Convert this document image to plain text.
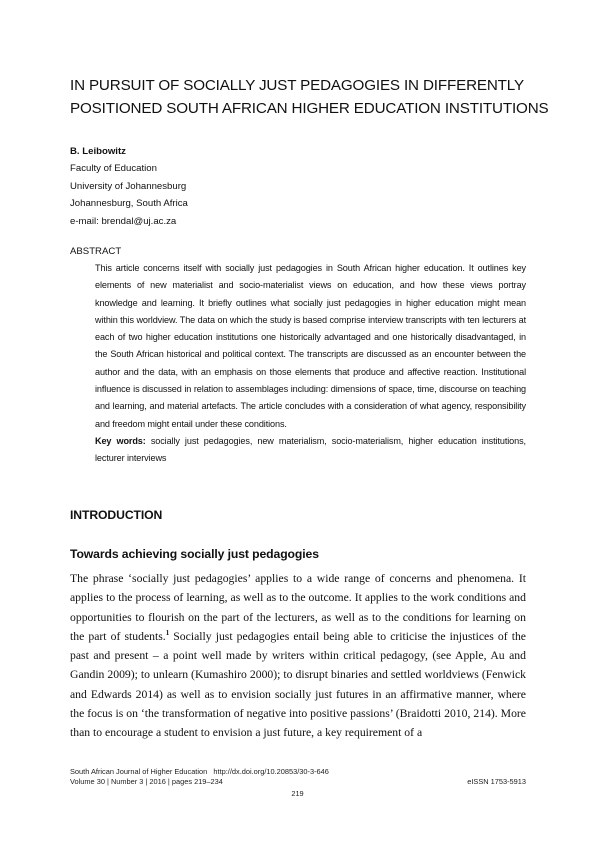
IN PURSUIT OF SOCIALLY JUST PEDAGOGIES IN DIFFERENTLY
POSITIONED SOUTH AFRICAN HIGHER EDUCATION INSTITUTIONS
B. Leibowitz
Faculty of Education
University of Johannesburg
Johannesburg, South Africa
e-mail: brendal@uj.ac.za
ABSTRACT

This article concerns itself with socially just pedagogies in South African higher education. It outlines key elements of new materialist and socio-materialist views on education, and how these views portray knowledge and learning. It briefly outlines what socially just pedagogies in higher education might mean within this worldview. The data on which the study is based comprise interview transcripts with ten lecturers at each of two higher education institutions one historically advantaged and one historically disadvantaged, in the South African historical and political context. The transcripts are discussed as an encounter between the author and the data, with an emphasis on those elements that produce and affective reaction. Institutional influence is discussed in relation to assemblages including: dimensions of space, time, discourse on teaching and learning, and material artefacts. The article concludes with a consideration of what agency, responsibility and freedom might entail under these conditions.

Key words: socially just pedagogies, new materialism, socio-materialism, higher education institutions, lecturer interviews

INTRODUCTION
Towards achieving socially just pedagogies

The phrase ‘socially just pedagogies’ applies to a wide range of concerns and phenomena. It applies to the process of learning, as well as to the outcome. It applies to the work conditions and opportunities to flourish on the part of the lecturers, as well as to the conditions for learning on the part of students.$^1$ Socially just pedagogies entail being able to criticise the injustices of the past and present – a point well made by writers within critical pedagogy, (see Apple, Au and Gandin 2009); to unlearn (Kumashiro 2000); to disrupt binaries and settled worldviews (Fenwick and Edwards 2014) as well as to envision socially just futures in an affirmative manner, where the focus is on ‘the transformation of negative into positive passions’ (Braidotti 2010, 214). More than to encourage a student to envision a just future, a key requirement of a

South African Journal of Higher Education http://dx.doi.org/10.20853/30-3-646
Volume 30 | Number 3 | 2016 | pages 219–234	eISSN 1753-5913
219
